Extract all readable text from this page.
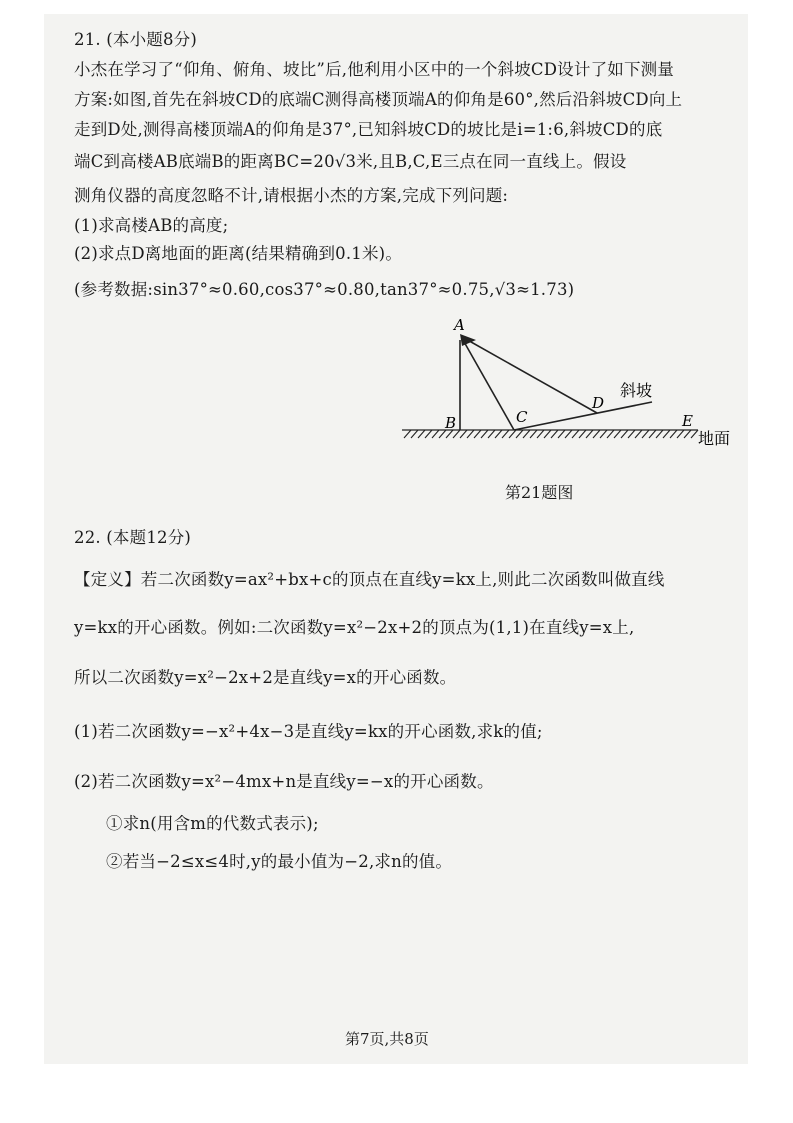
21. (本小题8分)
小杰在学习了“仰角、俯角、坡比”后,他利用小区中的一个斜坡CD设计了如下测量
方案:如图,首先在斜坡CD的底端C测得高楼顶端A的仰角是60°,然后沿斜坡CD向上
走到D处,测得高楼顶端A的仰角是37°,已知斜坡CD的坡比是i=1:6,斜坡CD的底
端C到高楼AB底端B的距离BC=20√3米,且B,C,E三点在同一直线上。假设
测角仪器的高度忽略不计,请根据小杰的方案,完成下列问题:
(1)求高楼AB的高度;
(2)求点D离地面的距离(结果精确到0.1米)。
(参考数据:sin37°≈0.60,cos37°≈0.80,tan37°≈0.75,√3≈1.73)
A
B	C
D
E
斜坡
地面
第21题图
22. (本题12分)
【定义】若二次函数y=ax²+bx+c的顶点在直线y=kx上,则此二次函数叫做直线
y=kx的开心函数。例如:二次函数y=x²−2x+2的顶点为(1,1)在直线y=x上,
所以二次函数y=x²−2x+2是直线y=x的开心函数。
(1)若二次函数y=−x²+4x−3是直线y=kx的开心函数,求k的值;
(2)若二次函数y=x²−4mx+n是直线y=−x的开心函数。
①求n(用含m的代数式表示);
②若当−2≤x≤4时,y的最小值为−2,求n的值。
第7页,共8页
